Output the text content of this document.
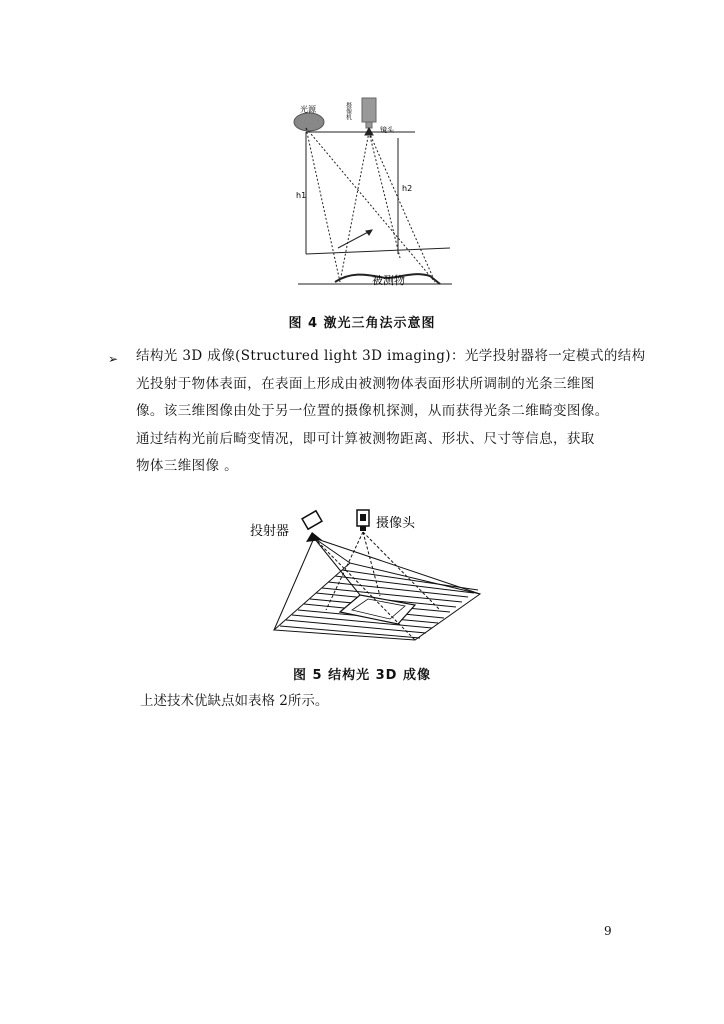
光源	摄像机
镜头
h1
h2
被测物
图 4 激光三角法示意图
➢ 结构光 3D 成像(Structured light 3D imaging)：光学投射器将一定模式的结构
光投射于物体表面，在表面上形成由被测物体表面形状所调制的光条三维图
像。该三维图像由处于另一位置的摄像机探测，从而获得光条二维畸变图像。
通过结构光前后畸变情况，即可计算被测物距离、形状、尺寸等信息，获取
物体三维图像 。
投射器
摄像头
图 5 结构光 3D 成像
上述技术优缺点如表格 2所示。
9
